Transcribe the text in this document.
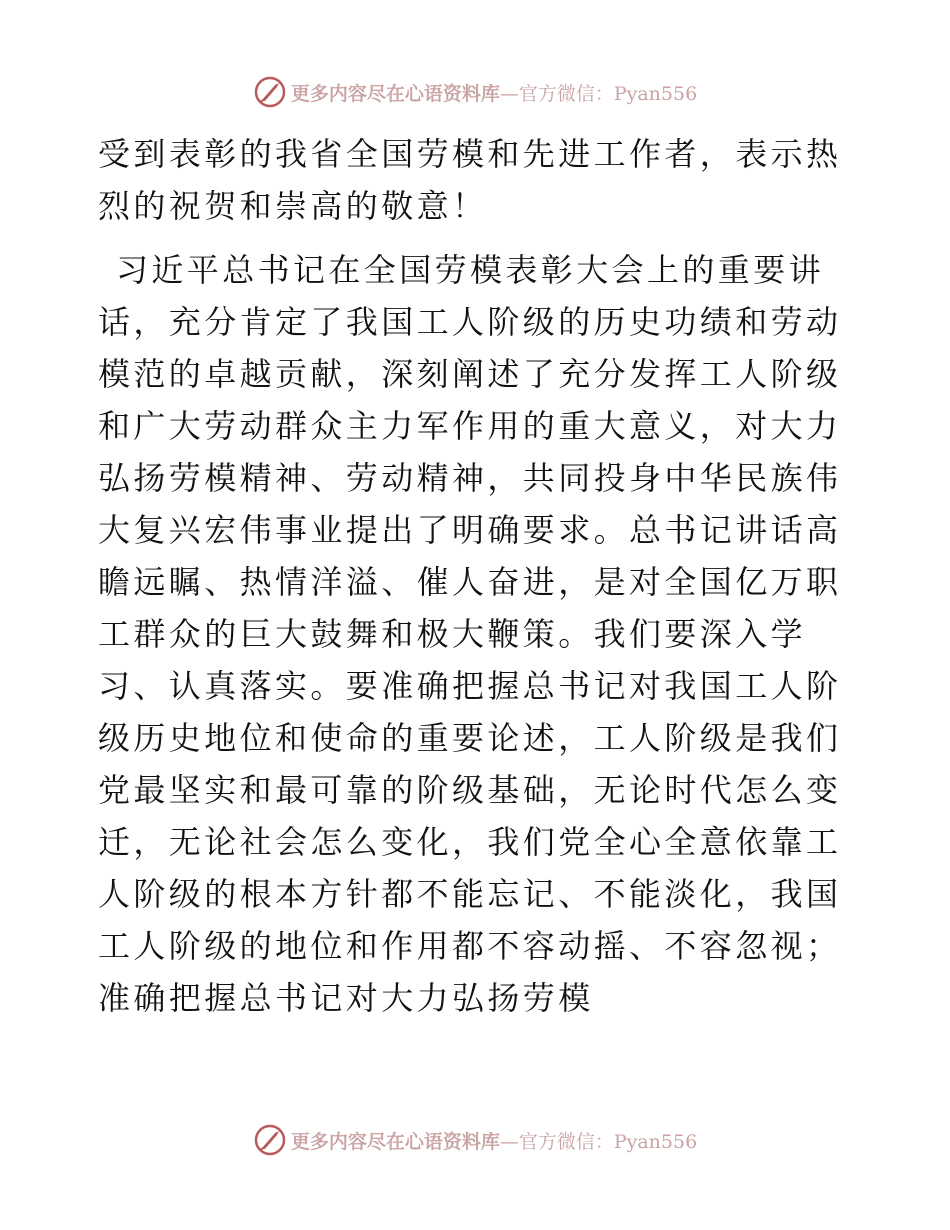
更多内容尽在心语资料库—官方微信：Pyan556

受到表彰的我省全国劳模和先进工作者，表示热烈的祝贺和崇高的敬意！

习近平总书记在全国劳模表彰大会上的重要讲话，充分肯定了我国工人阶级的历史功绩和劳动模范的卓越贡献，深刻阐述了充分发挥工人阶级和广大劳动群众主力军作用的重大意义，对大力弘扬劳模精神、劳动精神，共同投身中华民族伟大复兴宏伟事业提出了明确要求。总书记讲话高瞻远瞩、热情洋溢、催人奋进，是对全国亿万职工群众的巨大鼓舞和极大鞭策。我们要深入学习、认真落实。要准确把握总书记对我国工人阶级历史地位和使命的重要论述，工人阶级是我们党最坚实和最可靠的阶级基础，无论时代怎么变迁，无论社会怎么变化，我们党全心全意依靠工人阶级的根本方针都不能忘记、不能淡化，我国工人阶级的地位和作用都不容动摇、不容忽视；准确把握总书记对大力弘扬劳模

更多内容尽在心语资料库—官方微信：Pyan556
